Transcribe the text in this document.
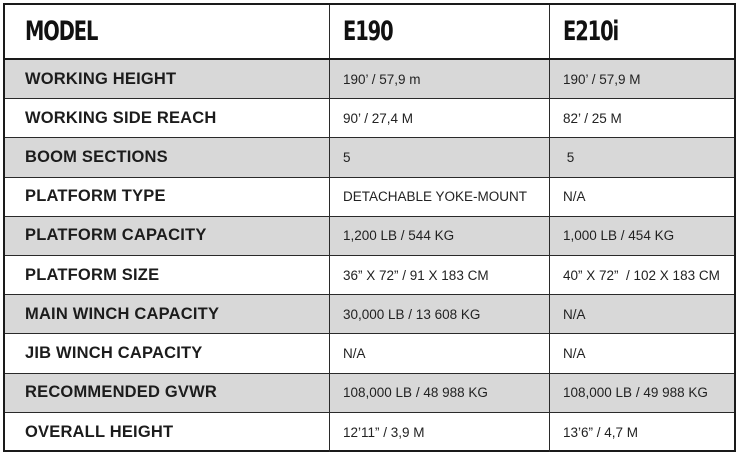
MODEL	E190	E210i
WORKING HEIGHT	190’ / 57,9 m	190’ / 57,9 M
WORKING SIDE REACH	90’ / 27,4 M	82’ / 25 M
BOOM SECTIONS	5	5
PLATFORM TYPE	DETACHABLE YOKE-MOUNT	N/A
PLATFORM CAPACITY	1,200 LB / 544 KG	1,000 LB / 454 KG
PLATFORM SIZE	36” X 72” / 91 X 183 CM	40” X 72”  / 102 X 183 CM
MAIN WINCH CAPACITY	30,000 LB / 13 608 KG	N/A
JIB WINCH CAPACITY	N/A	N/A
RECOMMENDED GVWR	108,000 LB / 48 988 KG	108,000 LB / 49 988 KG
OVERALL HEIGHT	12’11” / 3,9 M	13’6” / 4,7 M
